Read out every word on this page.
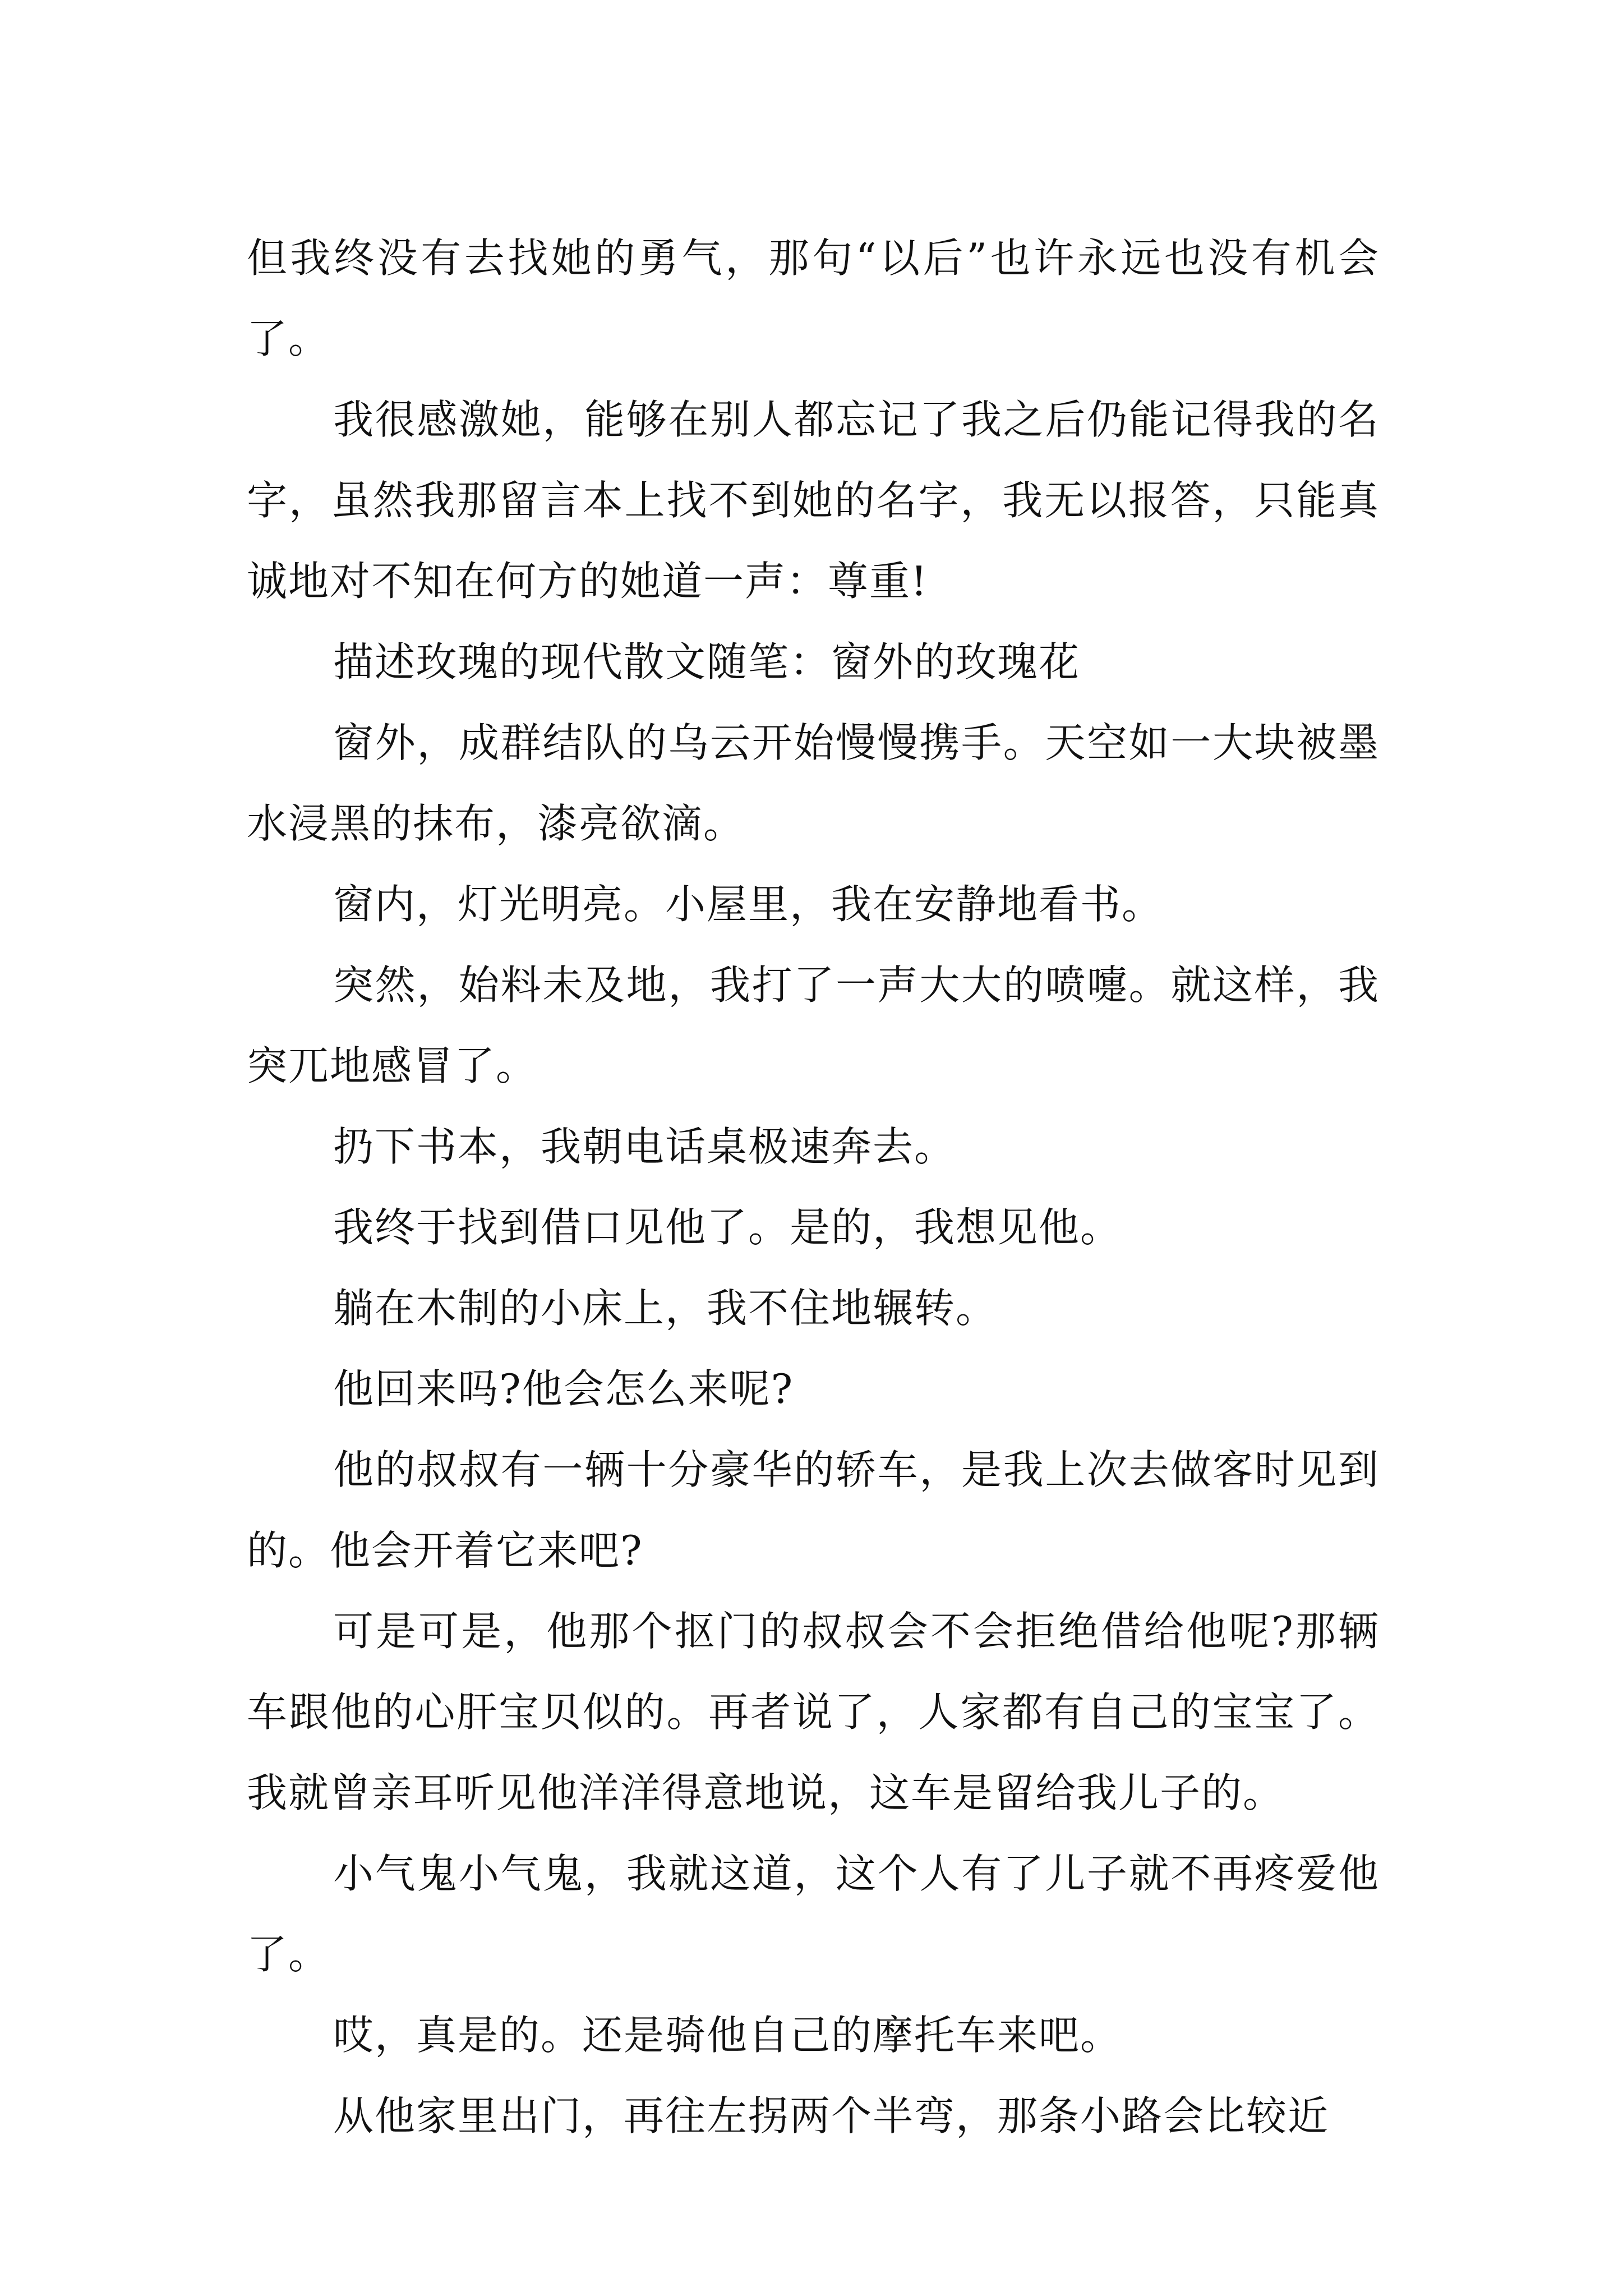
但我终没有去找她的勇气，那句“以后”也许永远也没有机会了。

我很感激她，能够在别人都忘记了我之后仍能记得我的名字，虽然我那留言本上找不到她的名字，我无以报答，只能真诚地对不知在何方的她道一声：尊重!

描述玫瑰的现代散文随笔：窗外的玫瑰花

窗外，成群结队的乌云开始慢慢携手。天空如一大块被墨水浸黑的抹布，漆亮欲滴。

窗内，灯光明亮。小屋里，我在安静地看书。

突然，始料未及地，我打了一声大大的喷嚏。就这样，我突兀地感冒了。

扔下书本，我朝电话桌极速奔去。

我终于找到借口见他了。是的，我想见他。

躺在木制的小床上，我不住地辗转。

他回来吗?他会怎么来呢?

他的叔叔有一辆十分豪华的轿车，是我上次去做客时见到的。他会开着它来吧?

可是可是，他那个抠门的叔叔会不会拒绝借给他呢?那辆车跟他的心肝宝贝似的。再者说了，人家都有自己的宝宝了。我就曾亲耳听见他洋洋得意地说，这车是留给我儿子的。

小气鬼小气鬼，我就这道，这个人有了儿子就不再疼爱他了。

哎，真是的。还是骑他自己的摩托车来吧。

从他家里出门，再往左拐两个半弯，那条小路会比较近
